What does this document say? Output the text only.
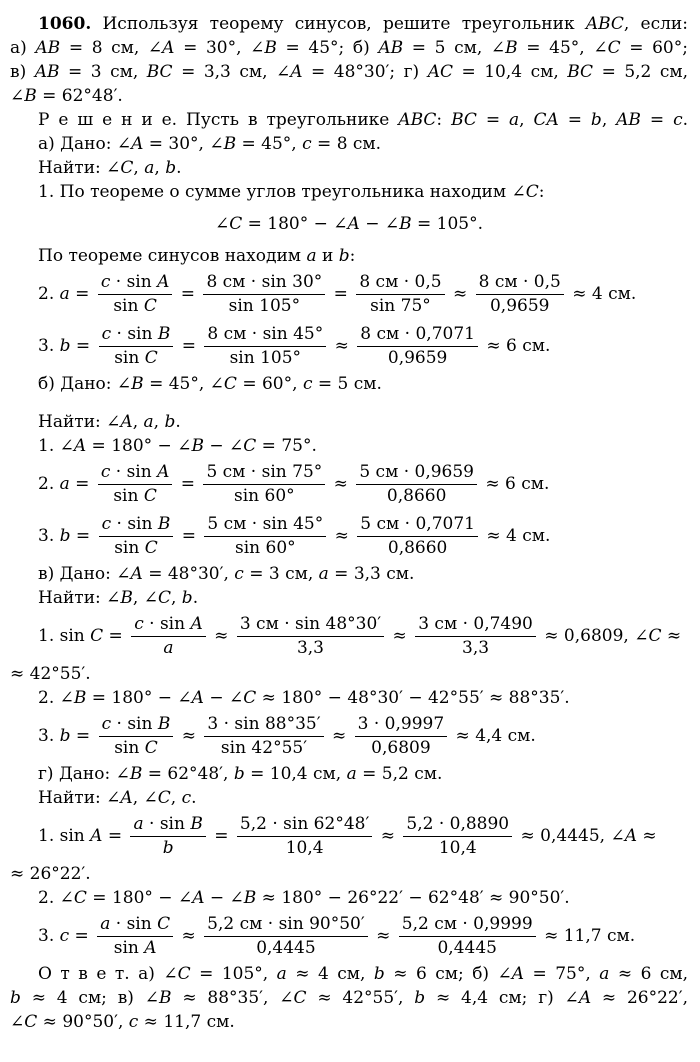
1060. Используя теорему синусов, решите треугольник ABC, если:
а) AB = 8 см, ∠A = 30°, ∠B = 45°; б) AB = 5 см, ∠B = 45°, ∠C = 60°;
в) AB = 3 см, BC = 3,3 см, ∠A = 48°30′; г) AC = 10,4 см, BC = 5,2 см,
∠B = 62°48′.
Р е ш е н и е. Пусть в треугольнике ABC: BC = a, CA = b, AB = c.
а) Дано: ∠A = 30°, ∠B = 45°, c = 8 см.
Найти: ∠C, a, b.
1. По теореме о сумме углов треугольника находим ∠C:
∠C = 180° − ∠A − ∠B = 105°.
По теореме синусов находим a и b:
2. $a = \frac{\text{c · sin A}}{\text{sin C}} = \frac{8 см \cdot \sin 30^\circ}{\sin 105^\circ} = \frac{8 см \cdot 0,5}{\sin 75^\circ} \approx \frac{8 см \cdot 0,5}{0,9659} \approx 4$ см.
3. $b = \frac{\text{c · sin B}}{\text{sin C}} = \frac{8 см \cdot \sin 45^\circ}{\sin 105^\circ} \approx \frac{8 см \cdot 0,7071}{0,9659} \approx 6$ см.
б) Дано: ∠B = 45°, ∠C = 60°, c = 5 см.
Найти: ∠A, a, b.
1. ∠A = 180° − ∠B − ∠C = 75°.
2. $a = \frac{\text{c · sin A}}{\text{sin C}} = \frac{5 см \cdot \sin 75^\circ}{\sin 60^\circ} \approx \frac{5 см \cdot 0,9659}{0,8660} \approx 6$ см.
3. $b = \frac{\text{c · sin B}}{\text{sin C}} = \frac{5 см \cdot \sin 45^\circ}{\sin 60^\circ} \approx \frac{5 см \cdot 0,7071}{0,8660} \approx 4$ см.
в) Дано: ∠A = 48°30′, c = 3 см, a = 3,3 см.
Найти: ∠B, ∠C, b.
1. $\sin C = \frac{\text{c · sin A}}{a} \approx \frac{3 см \cdot \sin 48^\circ 30'}{3,3} \approx \frac{3 см \cdot 0,7490}{3,3} \approx 0,6809$, ∠ C ≈
≈ 42°55′.
2. ∠B = 180° − ∠A − ∠C ≈ 180° − 48°30′ − 42°55′ ≈ 88°35′.
3. $b = \frac{\text{c · sin B}}{\text{sin C}} \approx \frac{3 \cdot \sin 88^\circ 35'}{\sin 42^\circ 55'} \approx \frac{3 \cdot 0,9997}{0,6809} \approx 4,4$ см.
г) Дано: ∠B = 62°48′, b = 10,4 см, a = 5,2 см.
Найти: ∠A, ∠C, c.
1. $\sin A = \frac{\text{a · sin B}}{b} = \frac{5,2 \cdot \sin 62^\circ 48'}{10,4} \approx \frac{5,2 \cdot 0,8890}{10,4} \approx 0,4445$, ∠ A ≈
≈ 26°22′.
2. ∠C = 180° − ∠A − ∠B ≈ 180° − 26°22′ − 62°48′ ≈ 90°50′.
3. $c = \frac{\text{a · sin C}}{\text{sin A}} \approx \frac{5,2 см \cdot \sin 90^\circ 50'}{0,4445} \approx \frac{5,2 см \cdot 0,9999}{0,4445} \approx 11,7$ см.
О т в е т. а) ∠C = 105°, a ≈ 4 см, b ≈ 6 см; б) ∠A = 75°, a ≈ 6 см,
b ≈ 4 см; в) ∠B ≈ 88°35′, ∠C ≈ 42°55′, b ≈ 4,4 см; г) ∠A ≈ 26°22′,
∠C ≈ 90°50′, c ≈ 11,7 см.
